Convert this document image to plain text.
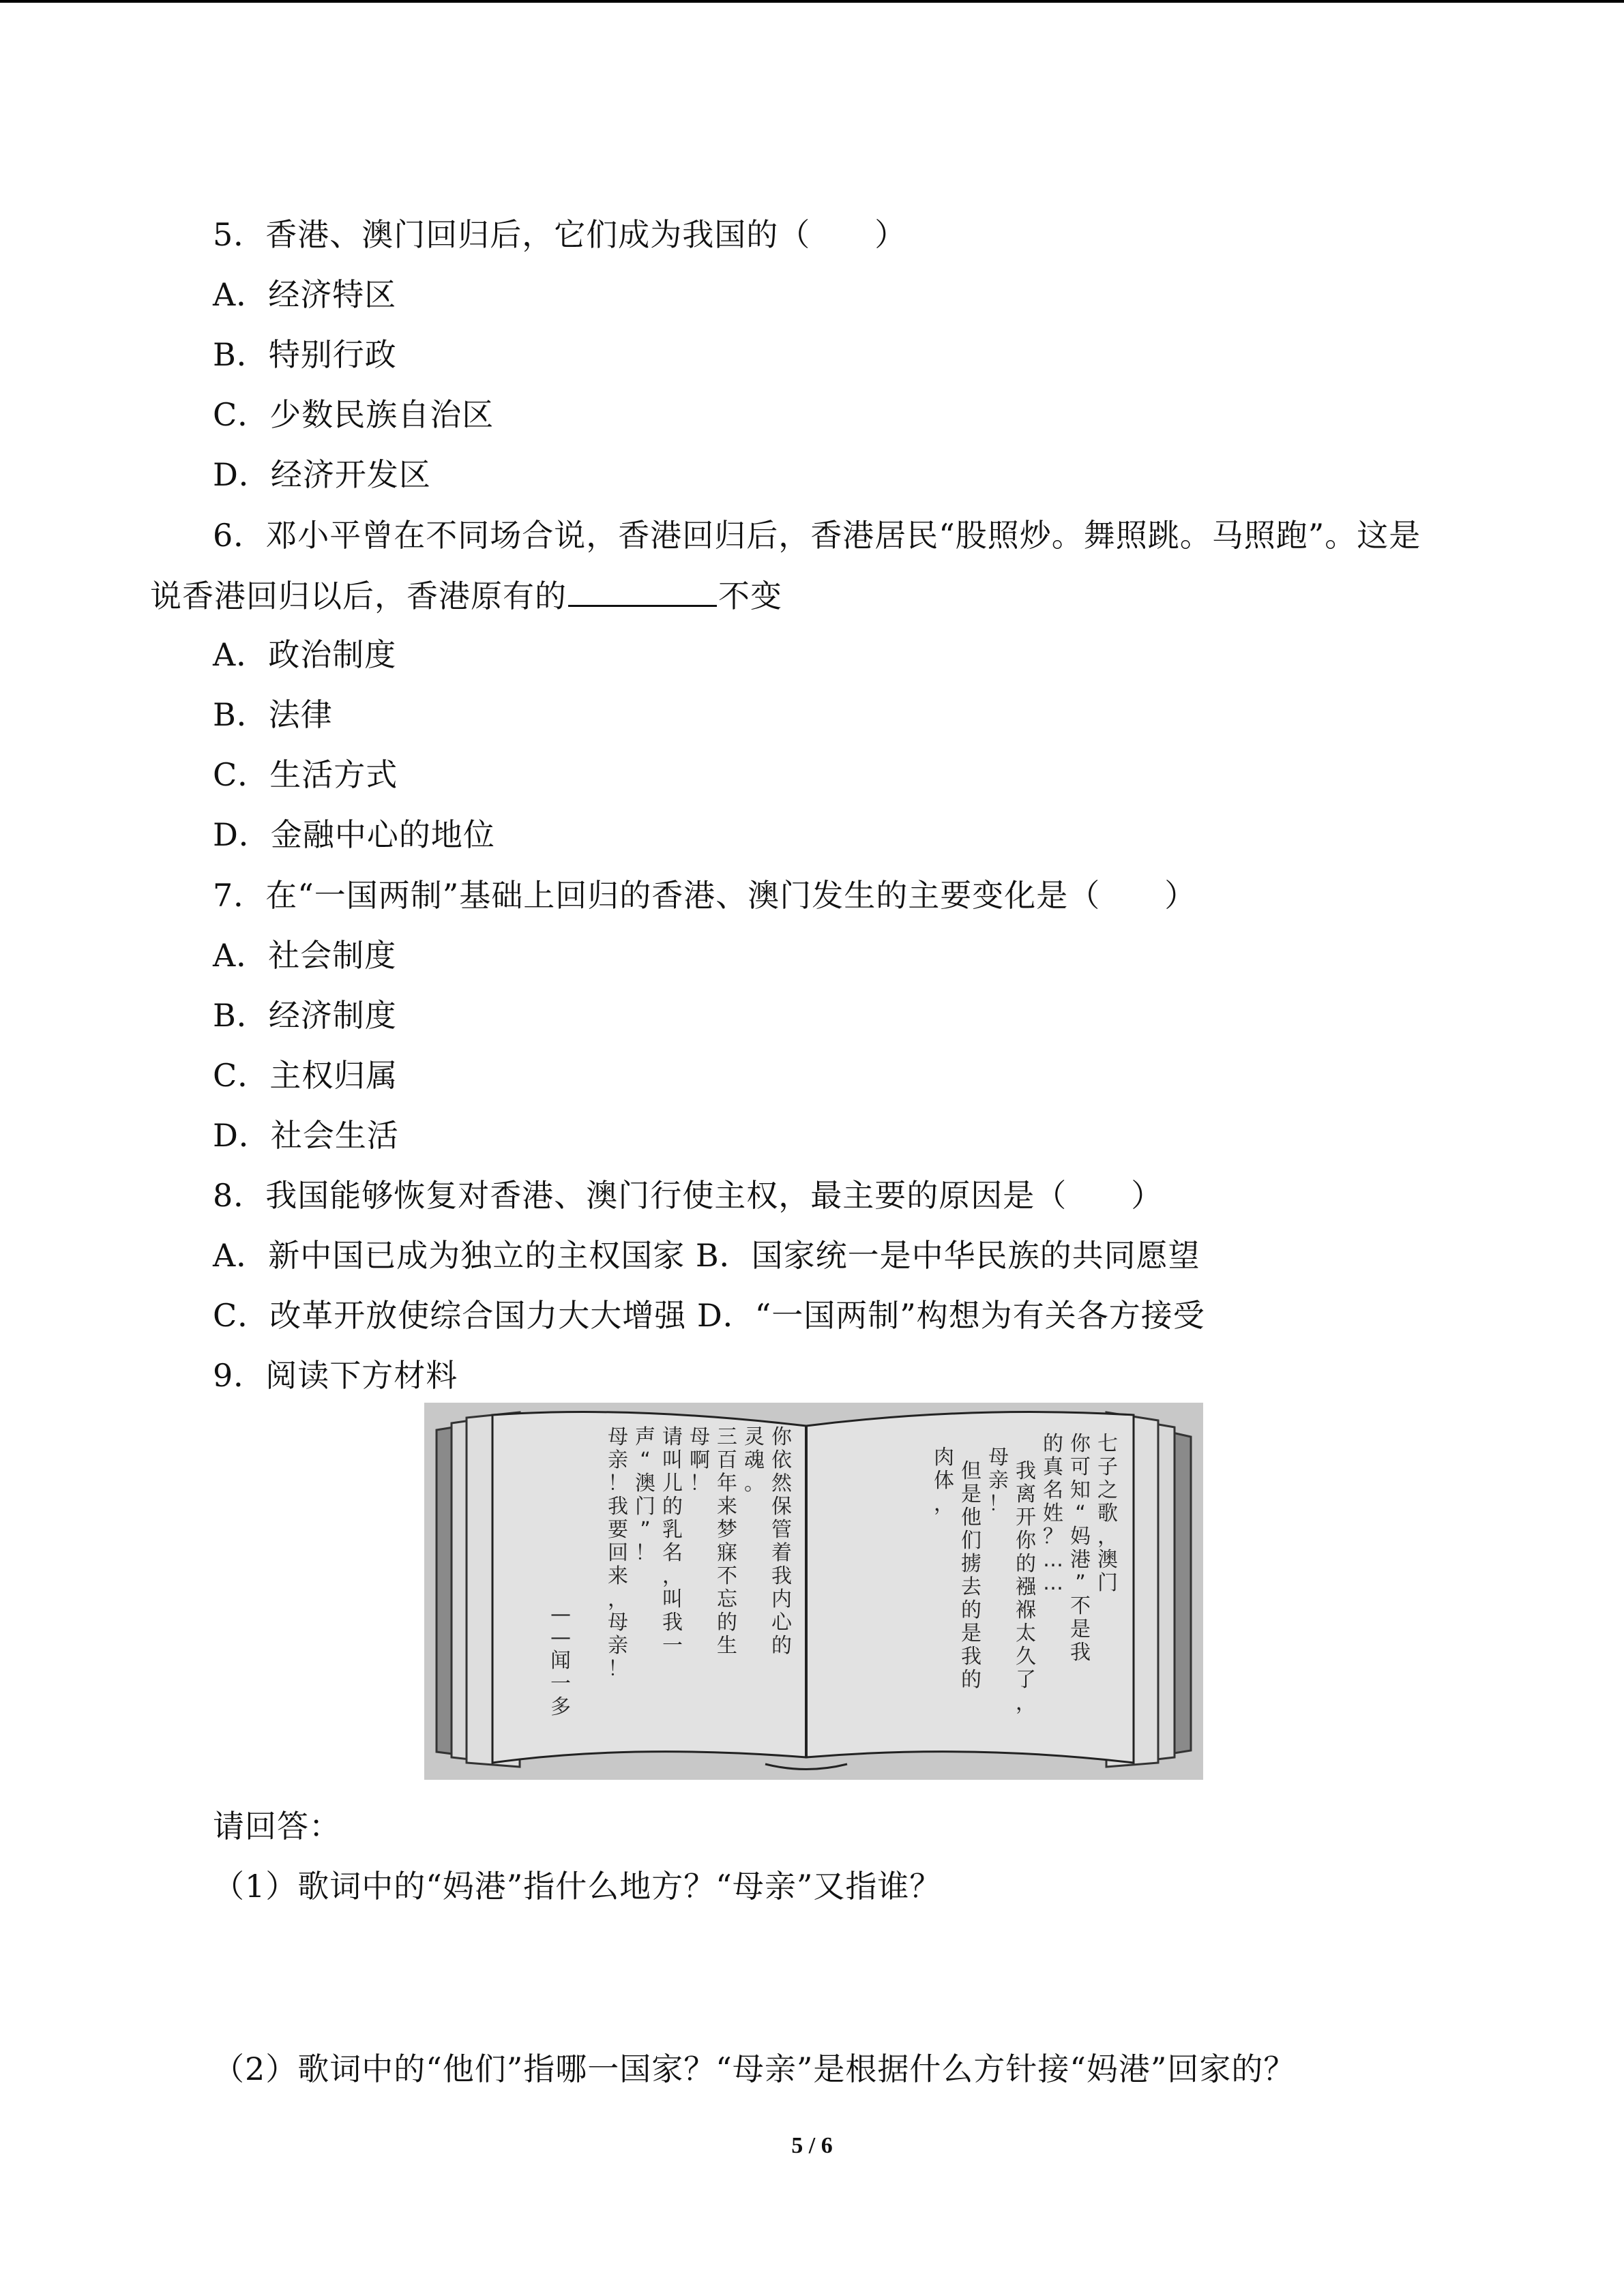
5．香港、澳门回归后，它们成为我国的（　　）
A．经济特区
B．特别行政
C．少数民族自治区
D．经济开发区
6．邓小平曾在不同场合说，香港回归后，香港居民“股照炒。舞照跳。马照跑”。这是
说香港回归以后，香港原有的	不变
A．政治制度
B．法律
C．生活方式
D．金融中心的地位
7．在“一国两制”基础上回归的香港、澳门发生的主要变化是（　　）
A．社会制度
B．经济制度
C．主权归属
D．社会生活
8．我国能够恢复对香港、澳门行使主权，最主要的原因是（　　）
A．新中国已成为独立的主权国家 B．国家统一是中华民族的共同愿望
C．改革开放使综合国力大大增强 D．“一国两制”构想为有关各方接受
9．阅读下方材料
七子之歌，澳门
你可知“妈港”不是我
的真名姓？… …
我离开你的襁褓太久了，
母亲！
但是他们掳去的是我的
肉体，
你依然保管着我内心的
灵魂。
三百年来梦寐不忘的生
母啊！
请叫儿的乳名，叫我一
声“澳门”！
母亲！我要回来，母亲！
— —闻一多
请回答：
（1）歌词中的“妈港”指什么地方？“母亲”又指谁？
（2）歌词中的“他们”指哪一国家？“母亲”是根据什么方针接“妈港”回家的？
5 / 6
